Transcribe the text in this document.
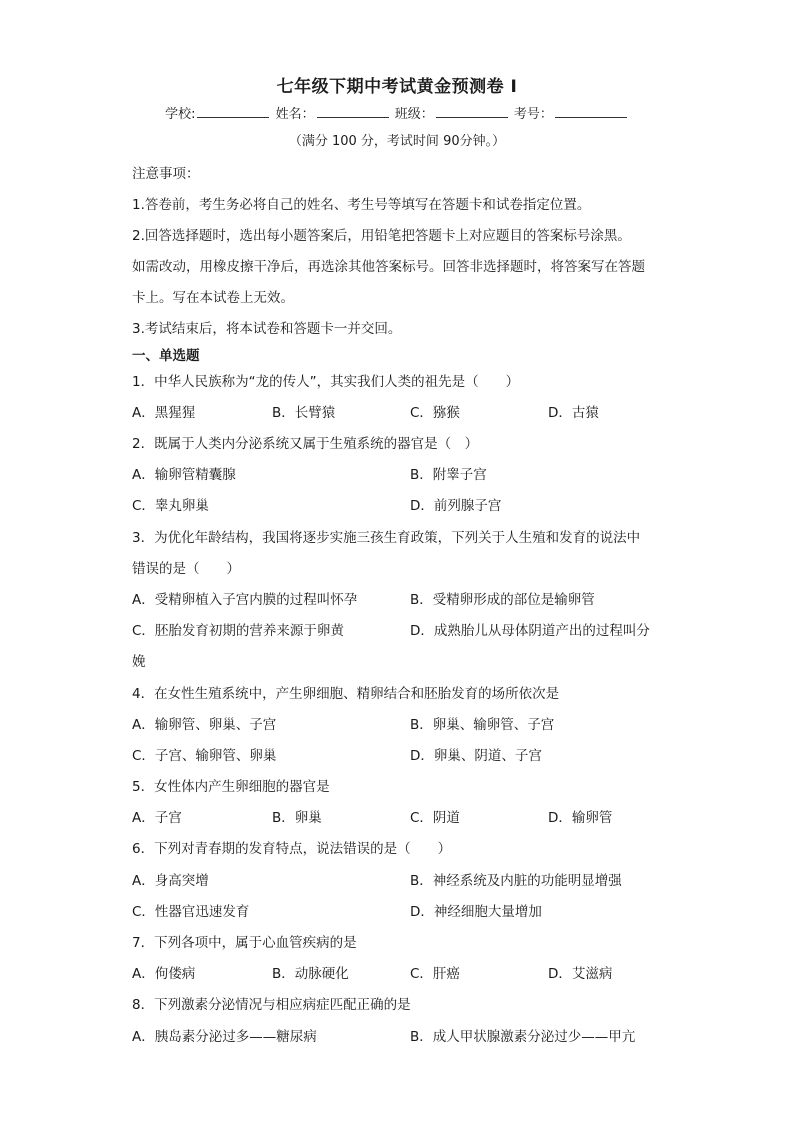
七年级下期中考试黄金预测卷 I
学校:	姓名：	班级：	考号：
（满分 100 分，考试时间 90分钟。）
注意事项：
1.答卷前，考生务必将自己的姓名、考生号等填写在答题卡和试卷指定位置。
2.回答选择题时，选出每小题答案后，用铅笔把答题卡上对应题目的答案标号涂黑。
如需改动，用橡皮擦干净后，再选涂其他答案标号。回答非选择题时，将答案写在答题
卡上。写在本试卷上无效。
3.考试结束后，将本试卷和答题卡一并交回。
一、单选题
1．中华人民族称为“龙的传人”，其实我们人类的祖先是（　　）
A．黑猩猩	B．长臂猿	C．猕猴	D．古猿
2．既属于人类内分泌系统又属于生殖系统的器官是（　）
A．输卵管精囊腺	B．附睾子宫
C．睾丸卵巢	D．前列腺子宫
3．为优化年龄结构，我国将逐步实施三孩生育政策，下列关于人生殖和发育的说法中
错误的是（　　）
A．受精卵植入子宫内膜的过程叫怀孕	B．受精卵形成的部位是输卵管
C．胚胎发育初期的营养来源于卵黄	D．成熟胎儿从母体阴道产出的过程叫分
娩
4．在女性生殖系统中，产生卵细胞、精卵结合和胚胎发育的场所依次是
A．输卵管、卵巢、子宫	B．卵巢、输卵管、子宫
C．子宫、输卵管、卵巢	D．卵巢、阴道、子宫
5．女性体内产生卵细胞的器官是
A．子宫	B．卵巢	C．阴道	D．输卵管
6．下列对青春期的发育特点，说法错误的是（　　）
A．身高突增	B．神经系统及内脏的功能明显增强
C．性器官迅速发育	D．神经细胞大量增加
7．下列各项中，属于心血管疾病的是
A．佝偻病	B．动脉硬化	C．肝癌	D．艾滋病
8．下列激素分泌情况与相应病症匹配正确的是
A．胰岛素分泌过多——糖尿病	B．成人甲状腺激素分泌过少——甲亢
